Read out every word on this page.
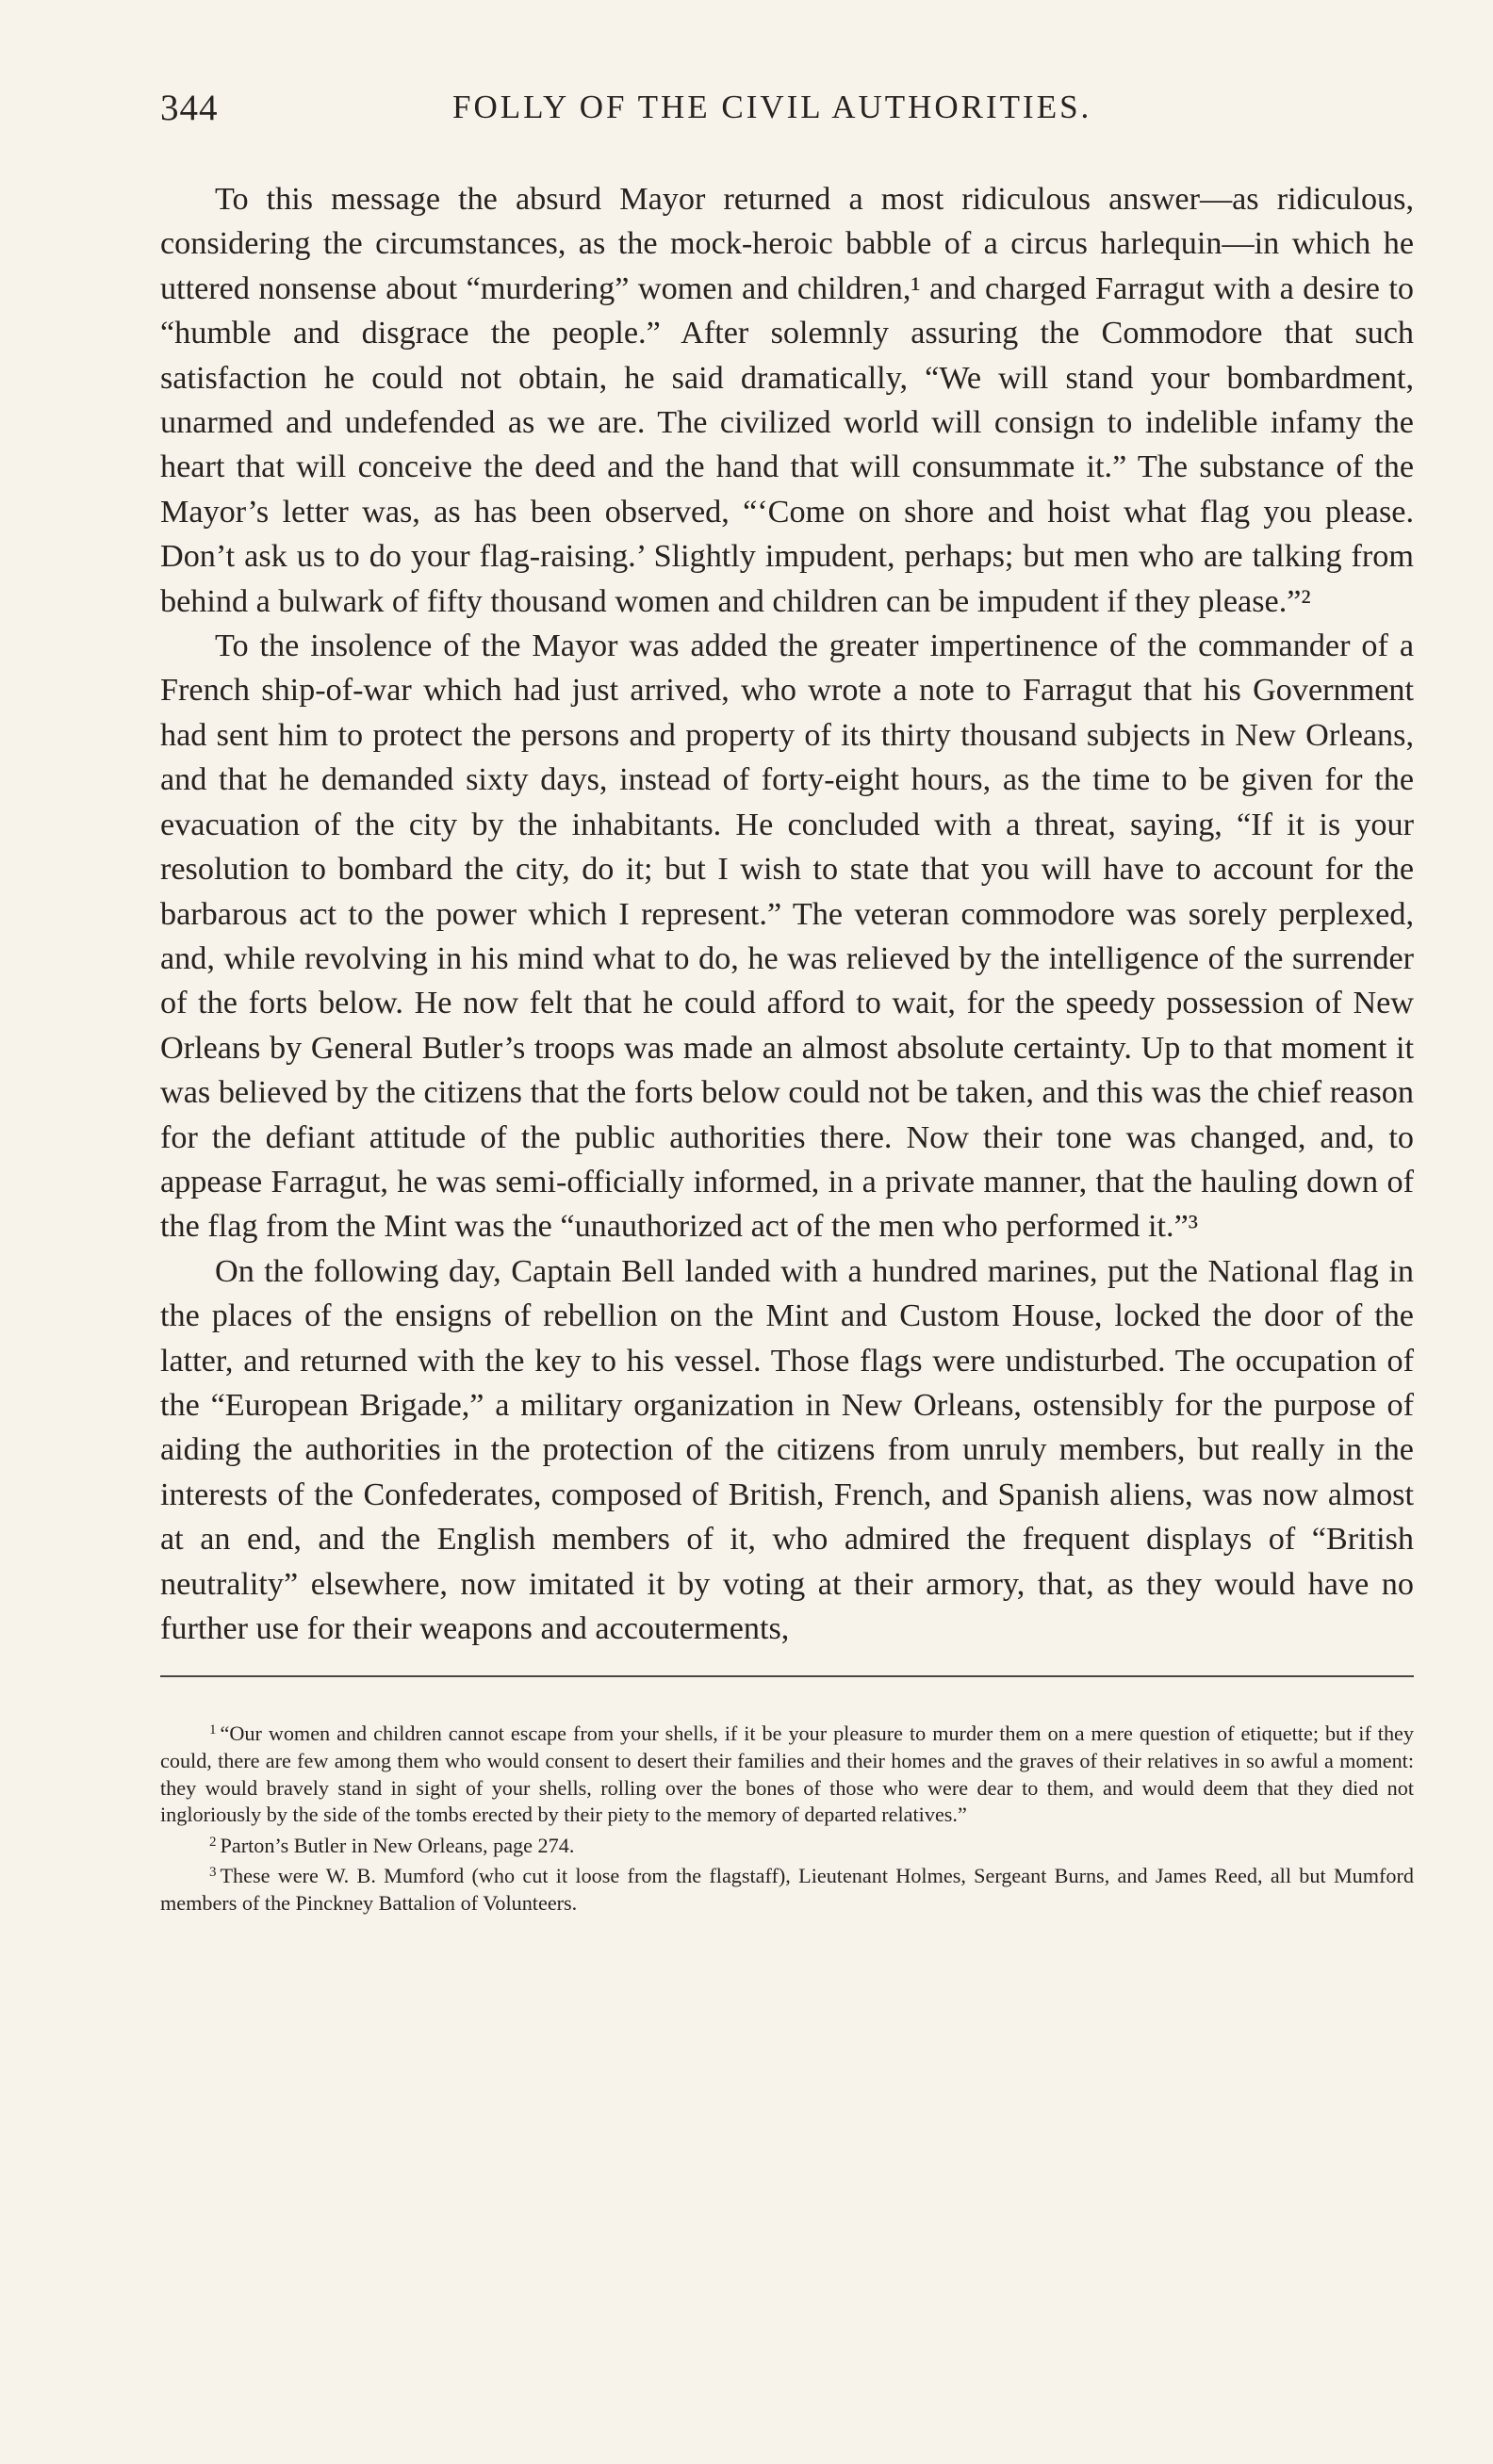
344	FOLLY OF THE CIVIL AUTHORITIES.

To this message the absurd Mayor returned a most ridiculous answer—as ridiculous, considering the circumstances, as the mock-heroic babble of a circus harlequin—in which he uttered nonsense about “murdering” women and children,¹ and charged Farragut with a desire to “humble and disgrace the people.” After solemnly assuring the Commodore that such satisfaction he could not obtain, he said dramatically, “We will stand your bombardment, unarmed and undefended as we are. The civilized world will consign to indelible infamy the heart that will conceive the deed and the hand that will consummate it.” The substance of the Mayor’s letter was, as has been observed, “‘Come on shore and hoist what flag you please. Don’t ask us to do your flag-raising.’ Slightly impudent, perhaps; but men who are talking from behind a bulwark of fifty thousand women and children can be impudent if they please.”²

To the insolence of the Mayor was added the greater impertinence of the commander of a French ship-of-war which had just arrived, who wrote a note to Farragut that his Government had sent him to protect the persons and property of its thirty thousand subjects in New Orleans, and that he demanded sixty days, instead of forty-eight hours, as the time to be given for the evacuation of the city by the inhabitants. He concluded with a threat, saying, “If it is your resolution to bombard the city, do it; but I wish to state that you will have to account for the barbarous act to the power which I represent.” The veteran commodore was sorely perplexed, and, while revolving in his mind what to do, he was relieved by the intelligence of the surrender of the forts below. He now felt that he could afford to wait, for the speedy possession of New Orleans by General Butler’s troops was made an almost absolute certainty. Up to that moment it was believed by the citizens that the forts below could not be taken, and this was the chief reason for the defiant attitude of the public authorities there. Now their tone was changed, and, to appease Farragut, he was semi-officially informed, in a private manner, that the hauling down of the flag from the Mint was the “unauthorized act of the men who performed it.”³

On the following day, Captain Bell landed with a hundred marines, put the National flag in the places of the ensigns of rebellion on the Mint and Custom House, locked the door of the latter, and returned with the key to his vessel. Those flags were undisturbed. The occupation of the “European Brigade,” a military organization in New Orleans, ostensibly for the purpose of aiding the authorities in the protection of the citizens from unruly members, but really in the interests of the Confederates, composed of British, French, and Spanish aliens, was now almost at an end, and the English members of it, who admired the frequent displays of “British neutrality” elsewhere, now imitated it by voting at their armory, that, as they would have no further use for their weapons and accouterments,

$^1$ “Our women and children cannot escape from your shells, if it be your pleasure to murder them on a mere question of etiquette; but if they could, there are few among them who would consent to desert their families and their homes and the graves of their relatives in so awful a moment: they would bravely stand in sight of your shells, rolling over the bones of those who were dear to them, and would deem that they died not ingloriously by the side of the tombs erected by their piety to the memory of departed relatives.”

$^2$ Parton’s Butler in New Orleans, page 274.

$^3$ These were W. B. Mumford (who cut it loose from the flagstaff), Lieutenant Holmes, Sergeant Burns, and James Reed, all but Mumford members of the Pinckney Battalion of Volunteers.
